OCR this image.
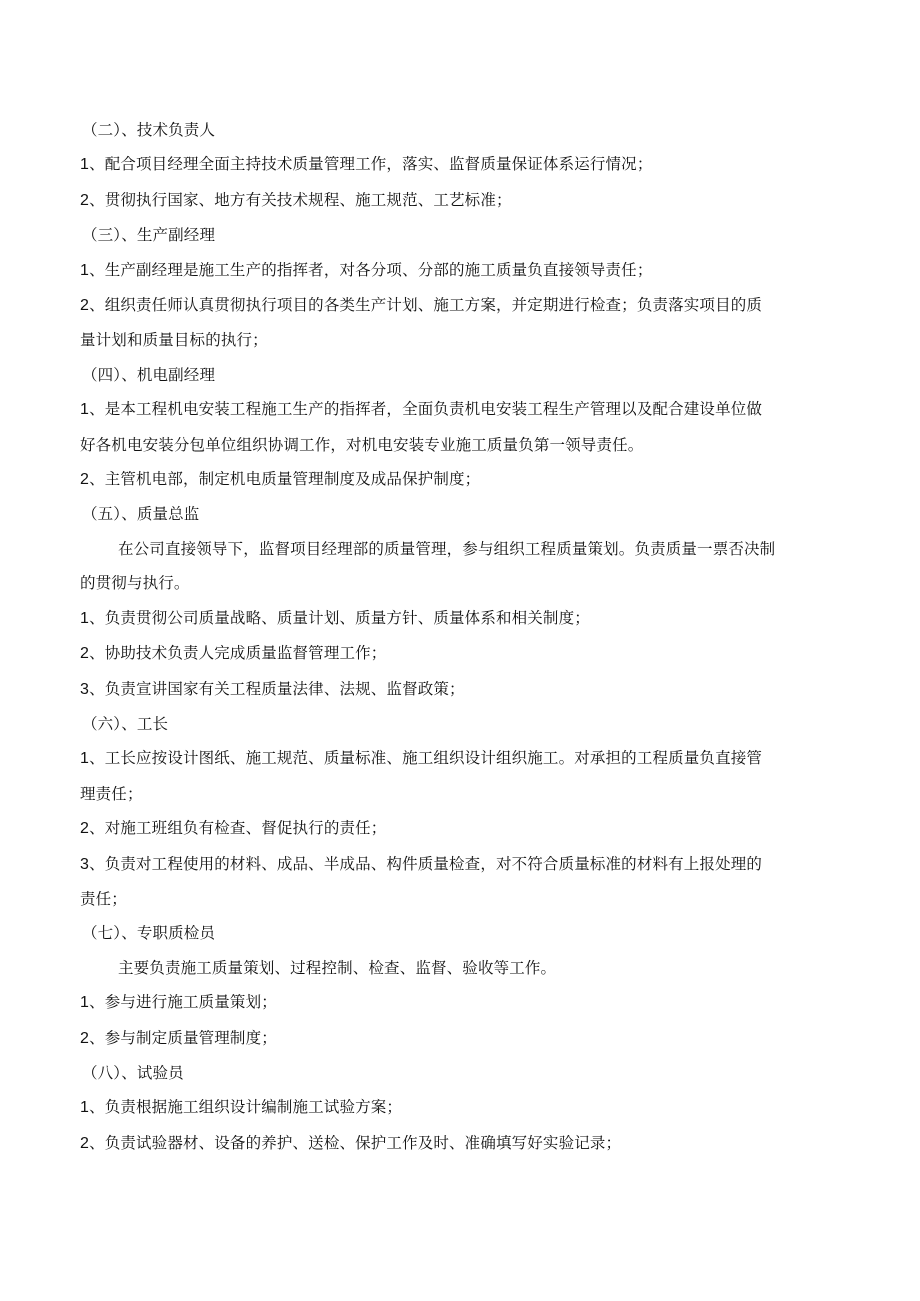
（二）、技术负责人
1、配合项目经理全面主持技术质量管理工作，落实、监督质量保证体系运行情况；
2、贯彻执行国家、地方有关技术规程、施工规范、工艺标准；
（三）、生产副经理
1、生产副经理是施工生产的指挥者，对各分项、分部的施工质量负直接领导责任；
2、组织责任师认真贯彻执行项目的各类生产计划、施工方案，并定期进行检查；负责落实项目的质
量计划和质量目标的执行；
（四）、机电副经理
1、是本工程机电安装工程施工生产的指挥者，全面负责机电安装工程生产管理以及配合建设单位做
好各机电安装分包单位组织协调工作，对机电安装专业施工质量负第一领导责任。
2、主管机电部，制定机电质量管理制度及成品保护制度；
（五）、质量总监
在公司直接领导下，监督项目经理部的质量管理，参与组织工程质量策划。负责质量一票否决制
的贯彻与执行。
1、负责贯彻公司质量战略、质量计划、质量方针、质量体系和相关制度；
2、协助技术负责人完成质量监督管理工作；
3、负责宣讲国家有关工程质量法律、法规、监督政策；
（六）、工长
1、工长应按设计图纸、施工规范、质量标准、施工组织设计组织施工。对承担的工程质量负直接管
理责任；
2、对施工班组负有检查、督促执行的责任；
3、负责对工程使用的材料、成品、半成品、构件质量检查，对不符合质量标准的材料有上报处理的
责任；
（七）、专职质检员
主要负责施工质量策划、过程控制、检查、监督、验收等工作。
1、参与进行施工质量策划；
2、参与制定质量管理制度；
（八）、试验员
1、负责根据施工组织设计编制施工试验方案；
2、负责试验器材、设备的养护、送检、保护工作及时、准确填写好实验记录；
